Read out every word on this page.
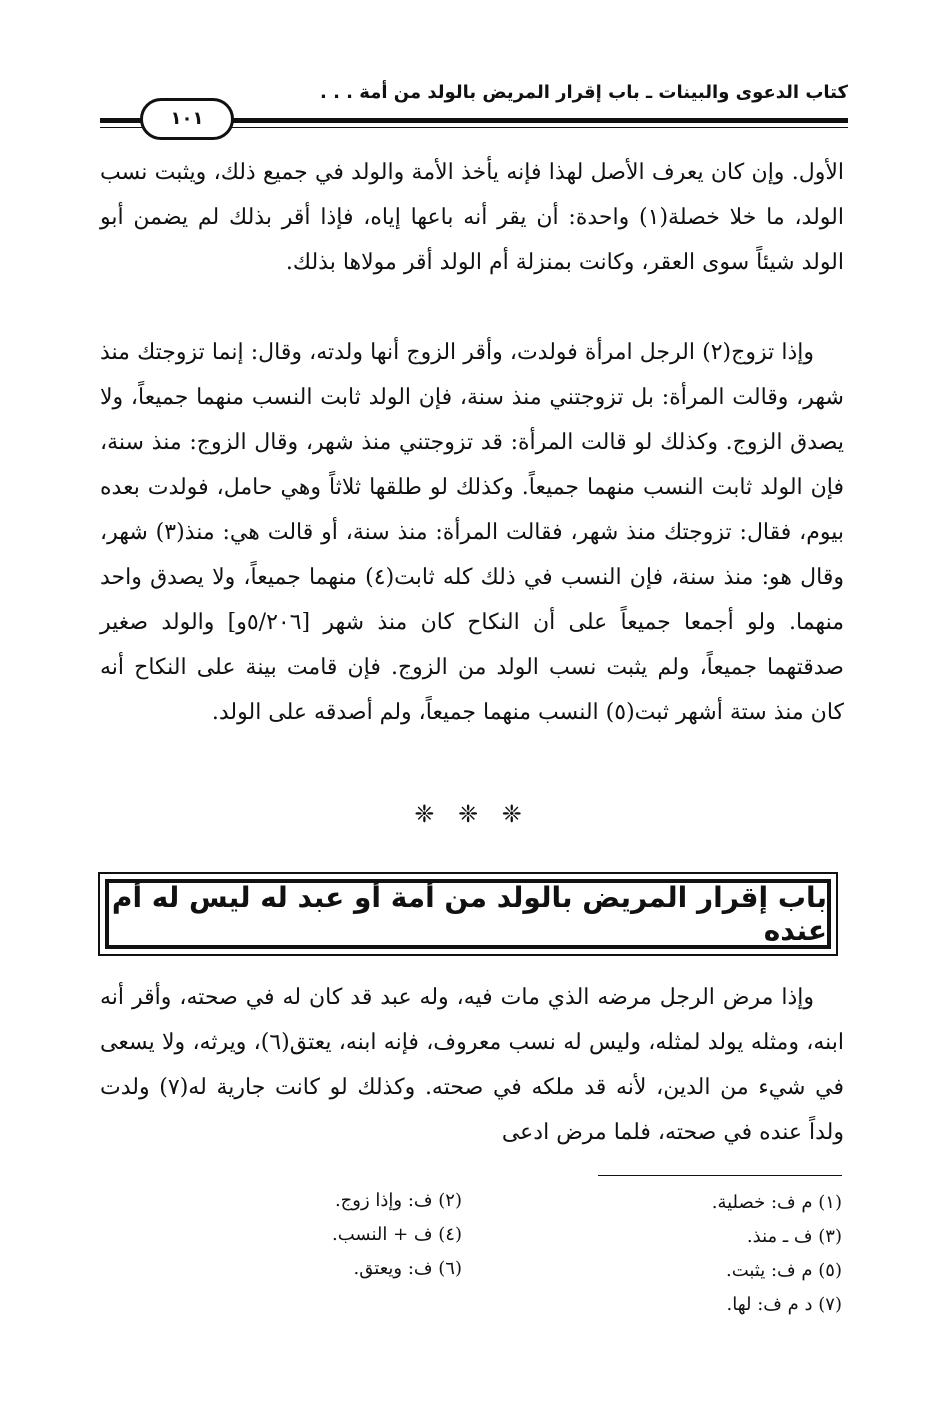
كتاب الدعوى والبينات ـ باب إقرار المريض بالولد من أمة . . .
١٠١

الأول. وإن كان يعرف الأصل لهذا فإنه يأخذ الأمة والولد في جميع ذلك، ويثبت نسب الولد، ما خلا خصلة(١) واحدة: أن يقر أنه باعها إياه، فإذا أقر بذلك لم يضمن أبو الولد شيئاً سوى العقر، وكانت بمنزلة أم الولد أقر مولاها بذلك.

وإذا تزوج(٢) الرجل امرأة فولدت، وأقر الزوج أنها ولدته، وقال: إنما تزوجتك منذ شهر، وقالت المرأة: بل تزوجتني منذ سنة، فإن الولد ثابت النسب منهما جميعاً، ولا يصدق الزوج. وكذلك لو قالت المرأة: قد تزوجتني منذ شهر، وقال الزوج: منذ سنة، فإن الولد ثابت النسب منهما جميعاً. وكذلك لو طلقها ثلاثاً وهي حامل، فولدت بعده بيوم، فقال: تزوجتك منذ شهر، فقالت المرأة: منذ سنة، أو قالت هي: منذ(٣) شهر، وقال هو: منذ سنة، فإن النسب في ذلك كله ثابت(٤) منهما جميعاً، ولا يصدق واحد منهما. ولو أجمعا جميعاً على أن النكاح كان منذ شهر [٥/٢٠٦و] والولد صغير صدقتهما جميعاً، ولم يثبت نسب الولد من الزوج. فإن قامت بينة على النكاح أنه كان منذ ستة أشهر ثبت(٥) النسب منهما جميعاً، ولم أصدقه على الولد.

❈ ❈ ❈
باب إقرار المريض بالولد من أمة أو عبد له ليس له أم عنده

وإذا مرض الرجل مرضه الذي مات فيه، وله عبد قد كان له في صحته، وأقر أنه ابنه، ومثله يولد لمثله، وليس له نسب معروف، فإنه ابنه، يعتق(٦)، ويرثه، ولا يسعى في شيء من الدين، لأنه قد ملكه في صحته. وكذلك لو كانت جارية له(٧) ولدت ولداً عنده في صحته، فلما مرض ادعى

(١) م ف: خصلية.
(٣) ف ـ منذ.
(٥) م ف: يثبت.
(٧) د م ف: لها.
(٢) ف: وإذا زوج.
(٤) ف + النسب.
(٦) ف: ويعتق.
